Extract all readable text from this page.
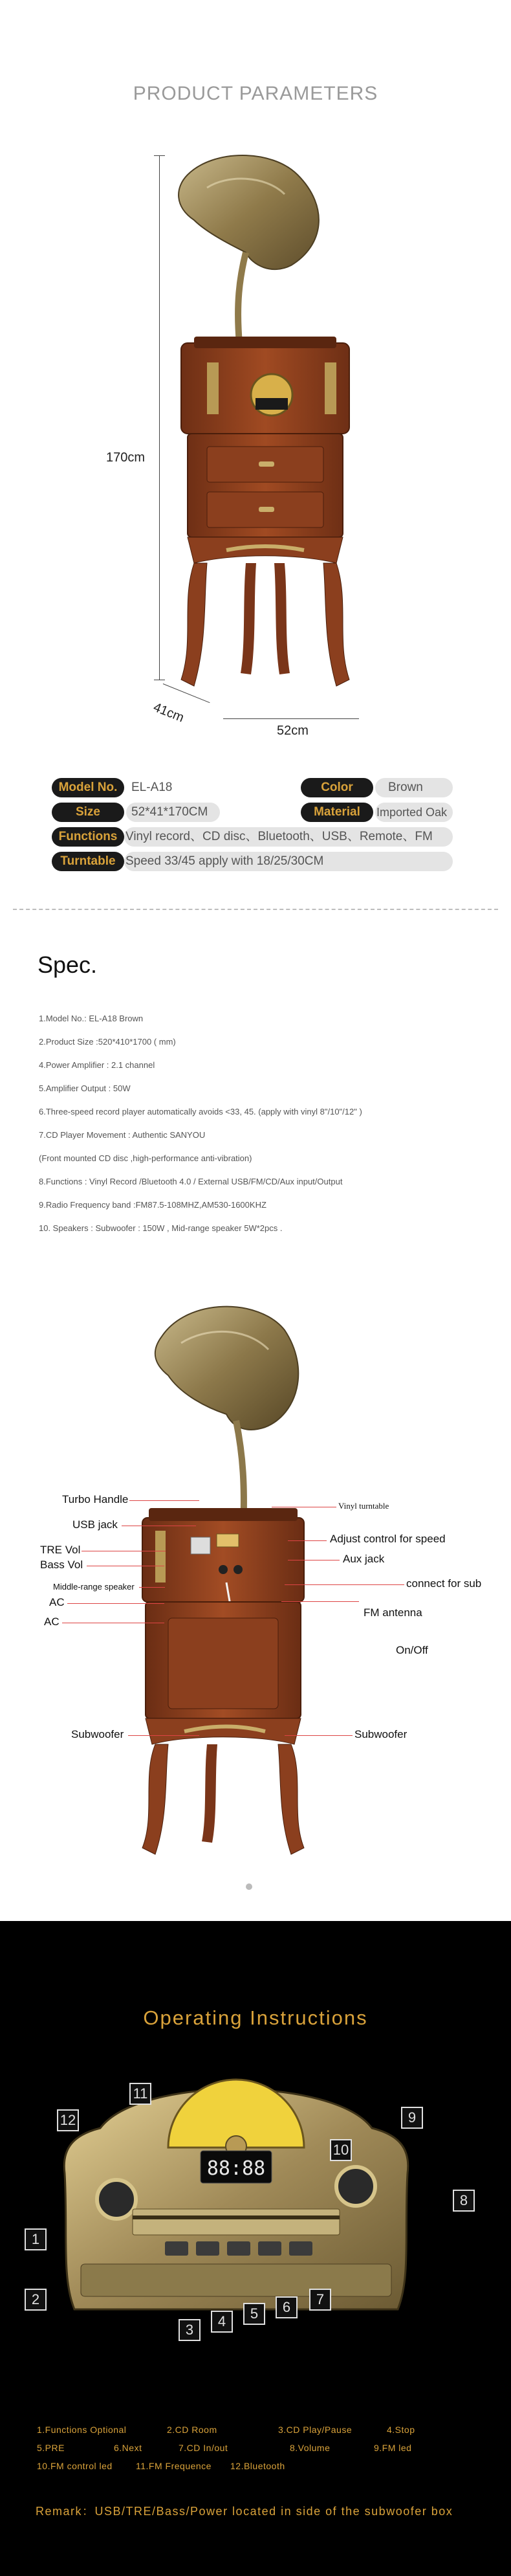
PRODUCT PARAMETERS
170cm
41cm
52cm
Model No.	EL-A18	Color	Brown
Size	52*41*170CM	Material	Imported Oak
Functions Vinyl record、CD disc、Bluetooth、USB、Remote、FM
Turntable Speed 33/45 apply with 18/25/30CM
Spec.
1.Model No.: EL-A18 Brown
2.Product Size :520*410*1700 ( mm)
4.Power Amplifier : 2.1 channel
5.Amplifier Output : 50W
6.Three-speed record player automatically avoids <33, 45. (apply with vinyl 8"/10"/12" )
7.CD Player Movement : Authentic SANYOU
(Front mounted CD disc ,high-performance anti-vibration)
8.Functions : Vinyl Record /Bluetooth 4.0 / External USB/FM/CD/Aux input/Output
9.Radio Frequency band :FM87.5-108MHZ,AM530-1600KHZ
10. Speakers : Subwoofer : 150W , Mid-range speaker 5W*2pcs .
Turbo Handle
Vinyl turntable
USB jack
Adjust control for speed
TRE Vol
Aux jack
Bass Vol
connect for sub
Middle-range speaker
AC
FM antenna
AC
On/Off
Subwoofer	Subwoofer
Operating Instructions
88:88
10
11
9
12
8
1
2
3
4	5	6	7
1.Functions Optional	2.CD Room	3.CD Play/Pause	4.Stop
5.PRE	6.Next	7.CD In/out	8.Volume	9.FM led
10.FM control led	11.FM Frequence 12.Bluetooth
Remark：USB/TRE/Bass/Power located in side of the subwoofer box
